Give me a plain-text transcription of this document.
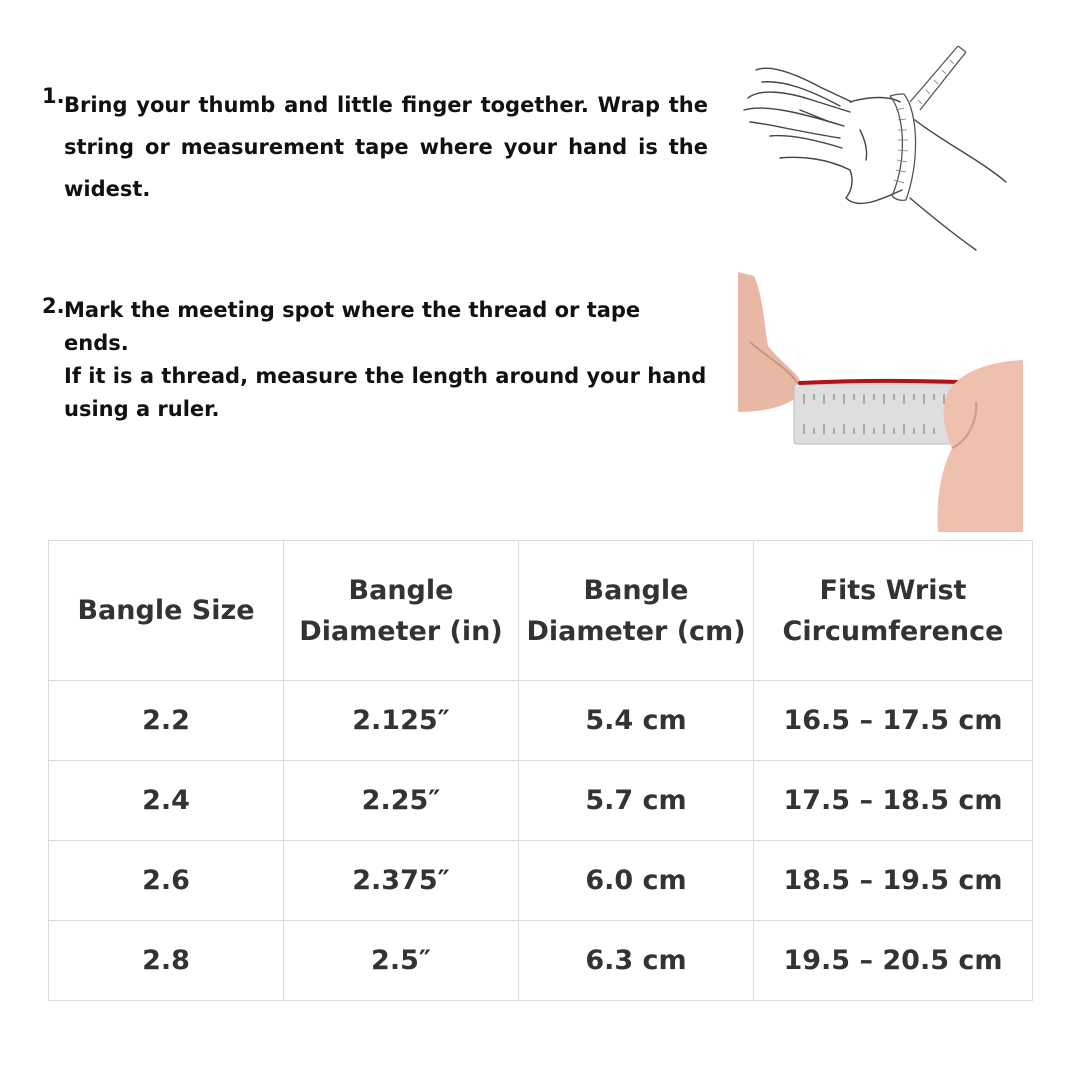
1. Bring your thumb and little finger together. Wrap the string or measurement tape where your hand is the widest.
2. Mark the meeting spot where the thread or tape ends.
If it is a thread, measure the length around your hand
using a ruler.
Bangle Size	Bangle Diameter (in)	Bangle Diameter (cm)	Fits Wrist Circumference
2.2	2.125″	5.4 cm	16.5 – 17.5 cm
2.4	2.25″	5.7 cm	17.5 – 18.5 cm
2.6	2.375″	6.0 cm	18.5 – 19.5 cm
2.8	2.5″	6.3 cm	19.5 – 20.5 cm
